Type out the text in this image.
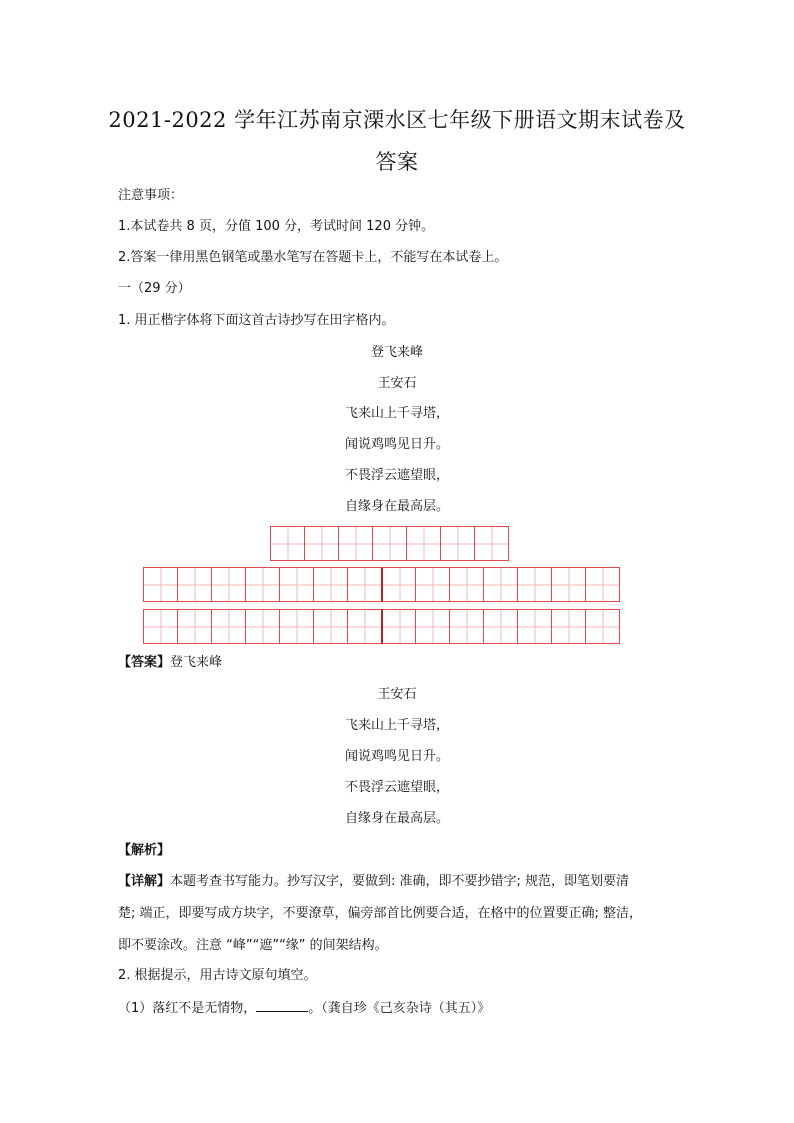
2021-2022 学年江苏南京溧水区七年级下册语文期末试卷及
答案
注意事项：
1.本试卷共 8 页，分值 100 分，考试时间 120 分钟。
2.答案一律用黑色钢笔或墨水笔写在答题卡上，不能写在本试卷上。
一（29 分）
1. 用正楷字体将下面这首古诗抄写在田字格内。
登飞来峰
王安石
飞来山上千寻塔，
闻说鸡鸣见日升。
不畏浮云遮望眼，
自缘身在最高层。
【答案】登飞来峰
王安石
飞来山上千寻塔，
闻说鸡鸣见日升。
不畏浮云遮望眼，
自缘身在最高层。
【解析】
【详解】本题考查书写能力。抄写汉字，要做到: 准确，即不要抄错字; 规范，即笔划要清
楚; 端正，即要写成方块字，不要潦草，偏旁部首比例要合适，在格中的位置要正确; 整洁，
即不要涂改。注意 “峰”“遮”“缘” 的间架结构。
2. 根据提示，用古诗文原句填空。
（1）落红不是无情物，	。（龚自珍《己亥杂诗（其五）》
